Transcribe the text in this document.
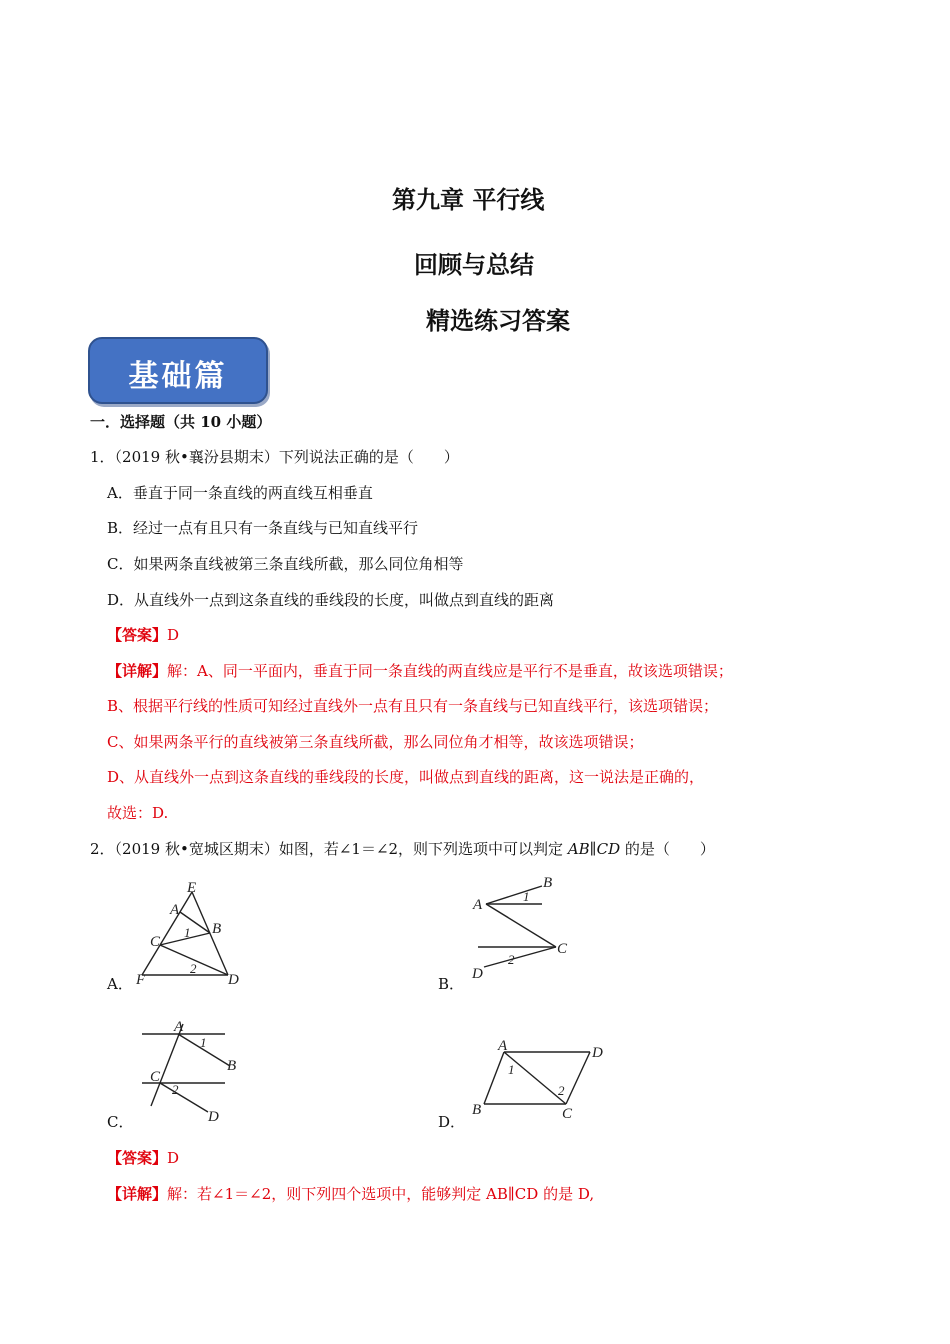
第九章 平行线
回顾与总结
精选练习答案
基础篇
一．选择题（共 10 小题）
1．（2019 秋•襄汾县期末）下列说法正确的是（　　）
A．垂直于同一条直线的两直线互相垂直
B．经过一点有且只有一条直线与已知直线平行
C．如果两条直线被第三条直线所截，那么同位角相等
D．从直线外一点到这条直线的垂线段的长度，叫做点到直线的距离
【答案】D
【详解】解：A、同一平面内，垂直于同一条直线的两直线应是平行不是垂直，故该选项错误；
B、根据平行线的性质可知经过直线外一点有且只有一条直线与已知直线平行，该选项错误；
C、如果两条平行的直线被第三条直线所截，那么同位角才相等，故该选项错误；
D、从直线外一点到这条直线的垂线段的长度，叫做点到直线的距离，这一说法是正确的，
故选：D.
2．（2019 秋•宽城区期末）如图，若∠1＝∠2，则下列选项中可以判定 AB∥CD 的是（　　）
E
A
B
C
F	D
1
2
A．
A
B
C
D
1
2
B．
A
B
C
D
1
2
C．
A	D
B	C
1
2
D．
【答案】D
【详解】解：若∠1＝∠2，则下列四个选项中，能够判定 AB∥CD 的是 D,
